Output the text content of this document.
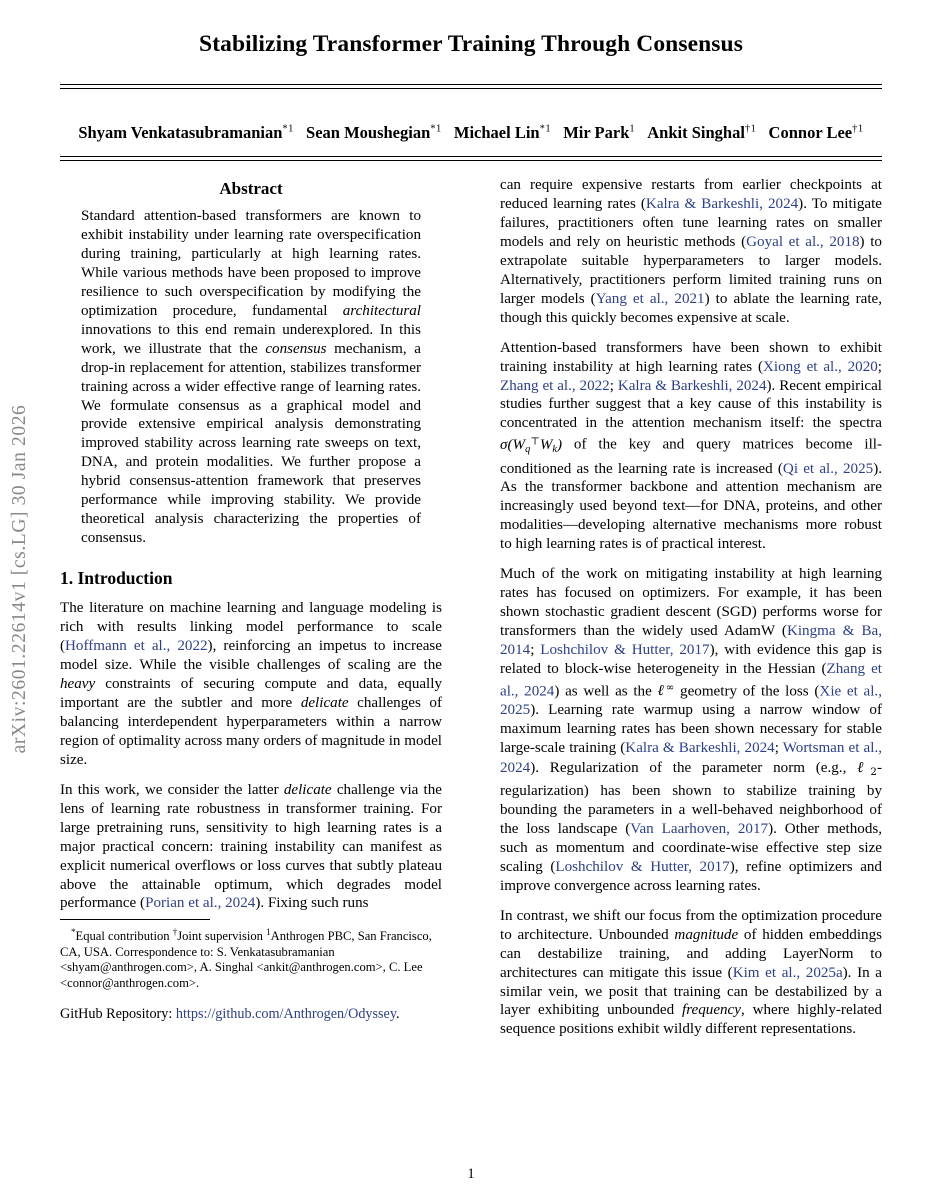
arXiv:2601.22614v1 [cs.LG] 30 Jan 2026
Stabilizing Transformer Training Through Consensus
Shyam Venkatasubramanian$^{*1}$ Sean Moushegian$^{*1}$ Michael Lin$^{*1}$ Mir Park$^1$ Ankit Singhal$^{\dagger 1}$ Connor Lee$^{\dagger 1}$
Abstract

Standard attention-based transformers are known to exhibit instability under learning rate overspecification during training, particularly at high learning rates. While various methods have been proposed to improve resilience to such overspecification by modifying the optimization procedure, fundamental architectural innovations to this end remain underexplored. In this work, we illustrate that the consensus mechanism, a drop-in replacement for attention, stabilizes transformer training across a wider effective range of learning rates. We formulate consensus as a graphical model and provide extensive empirical analysis demonstrating improved stability across learning rate sweeps on text, DNA, and protein modalities. We further propose a hybrid consensus-attention framework that preserves performance while improving stability. We provide theoretical analysis characterizing the properties of consensus.

1. Introduction

The literature on machine learning and language modeling is rich with results linking model performance to scale (Hoffmann et al., 2022), reinforcing an impetus to increase model size. While the visible challenges of scaling are the heavy constraints of securing compute and data, equally important are the subtler and more delicate challenges of balancing interdependent hyperparameters within a narrow region of optimality across many orders of magnitude in model size.

In this work, we consider the latter delicate challenge via the lens of learning rate robustness in transformer training. For large pretraining runs, sensitivity to high learning rates is a major practical concern: training instability can manifest as explicit numerical overflows or loss curves that subtly plateau above the attainable optimum, which degrades model performance (Porian et al., 2024). Fixing such runs

*Equal contribution †Joint supervision $^1$Anthrogen PBC, San Francisco, CA, USA. Correspondence to: S. Venkatasubramanian <shyam@anthrogen.com>, A. Singhal <ankit@anthrogen.com>, C. Lee <connor@anthrogen.com>.

GitHub Repository: https://github.com/Anthrogen/Odyssey.

can require expensive restarts from earlier checkpoints at reduced learning rates (Kalra & Barkeshli, 2024). To mitigate failures, practitioners often tune learning rates on smaller models and rely on heuristic methods (Goyal et al., 2018) to extrapolate suitable hyperparameters to larger models. Alternatively, practitioners perform limited training runs on larger models (Yang et al., 2021) to ablate the learning rate, though this quickly becomes expensive at scale.

Attention-based transformers have been shown to exhibit training instability at high learning rates (Xiong et al., 2020; Zhang et al., 2022; Kalra & Barkeshli, 2024). Recent empirical studies further suggest that a key cause of this instability is concentrated in the attention mechanism itself: the spectra $\sigma(W_q^⊤W_k)$ of the key and query matrices become ill-conditioned as the learning rate is increased (Qi et al., 2025). As the transformer backbone and attention mechanism are increasingly used beyond text—for DNA, proteins, and other modalities—developing alternative mechanisms more robust to high learning rates is of practical interest.

Much of the work on mitigating instability at high learning rates has focused on optimizers. For example, it has been shown stochastic gradient descent (SGD) performs worse for transformers than the widely used AdamW (Kingma & Ba, 2014; Loshchilov & Hutter, 2017), with evidence this gap is related to block-wise heterogeneity in the Hessian (Zhang et al., 2024) as well as the ℓ∞ geometry of the loss (Xie et al., 2025). Learning rate warmup using a narrow window of maximum learning rates has been shown necessary for stable large-scale training (Kalra & Barkeshli, 2024; Wortsman et al., 2024). Regularization of the parameter norm (e.g., ℓ$_2$-regularization) has been shown to stabilize training by bounding the parameters in a well-behaved neighborhood of the loss landscape (Van Laarhoven, 2017). Other methods, such as momentum and coordinate-wise effective step size scaling (Loshchilov & Hutter, 2017), refine optimizers and improve convergence across learning rates.

In contrast, we shift our focus from the optimization procedure to architecture. Unbounded magnitude of hidden embeddings can destabilize training, and adding LayerNorm to architectures can mitigate this issue (Kim et al., 2025a). In a similar vein, we posit that training can be destabilized by a layer exhibiting unbounded frequency, where highly-related sequence positions exhibit wildly different representations.

1
